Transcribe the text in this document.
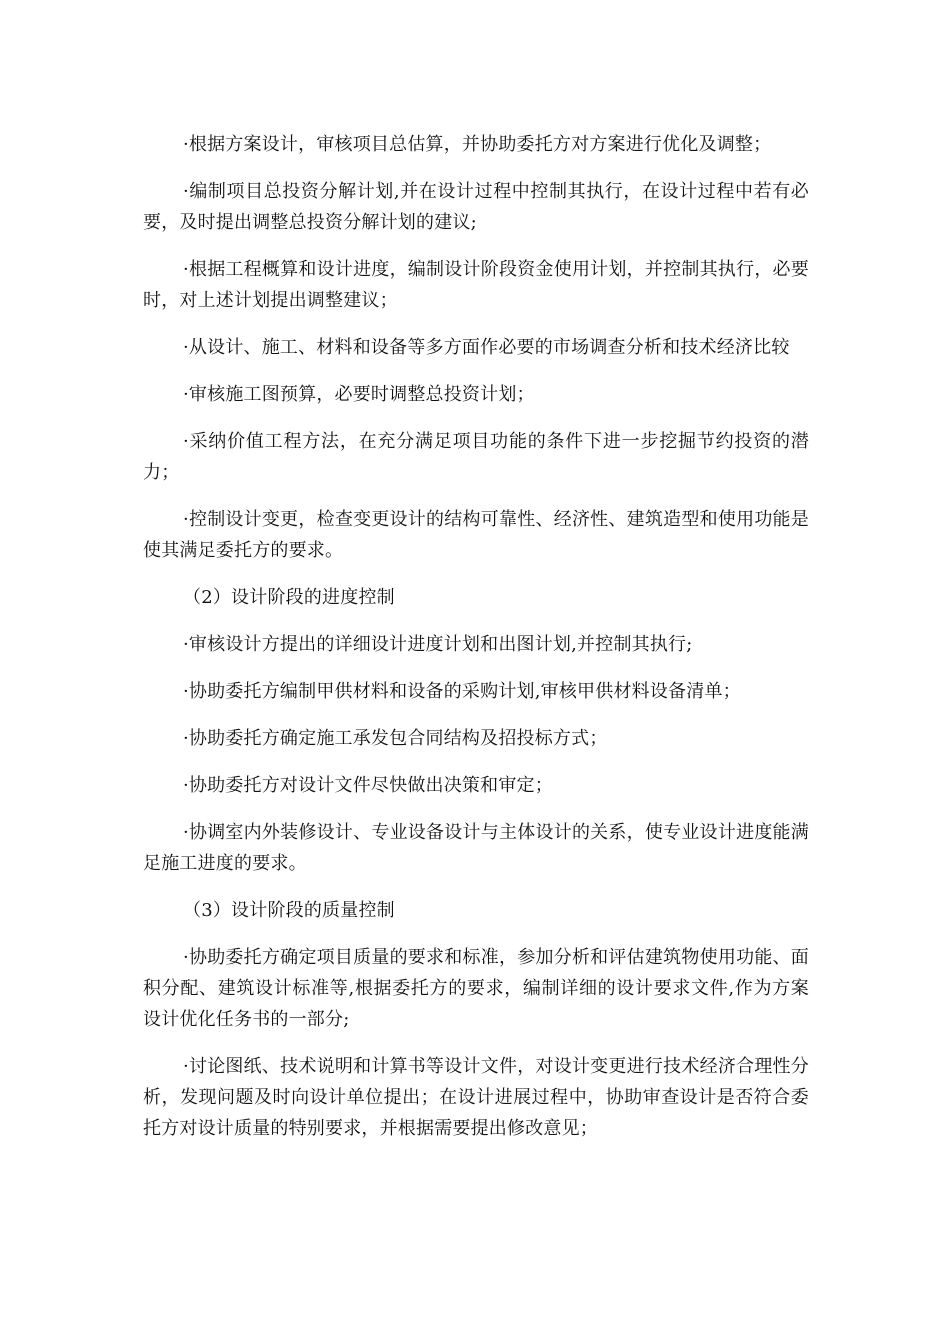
·根据方案设计，审核项目总估算，并协助委托方对方案进行优化及调整；

·编制项目总投资分解计划,并在设计过程中控制其执行，在设计过程中若有必要，及时提出调整总投资分解计划的建议;

·根据工程概算和设计进度，编制设计阶段资金使用计划，并控制其执行，必要时，对上述计划提出调整建议；

·从设计、施工、材料和设备等多方面作必要的市场调查分析和技术经济比较

·审核施工图预算，必要时调整总投资计划；

·采纳价值工程方法，在充分满足项目功能的条件下进一步挖掘节约投资的潜力；

·控制设计变更，检查变更设计的结构可靠性、经济性、建筑造型和使用功能是使其满足委托方的要求。

（2）设计阶段的进度控制

·审核设计方提出的详细设计进度计划和出图计划,并控制其执行;

·协助委托方编制甲供材料和设备的采购计划,审核甲供材料设备清单；

·协助委托方确定施工承发包合同结构及招投标方式；

·协助委托方对设计文件尽快做出决策和审定；

·协调室内外装修设计、专业设备设计与主体设计的关系，使专业设计进度能满足施工进度的要求。

（3）设计阶段的质量控制

·协助委托方确定项目质量的要求和标准，参加分析和评估建筑物使用功能、面积分配、建筑设计标准等,根据委托方的要求，编制详细的设计要求文件,作为方案设计优化任务书的一部分;

·讨论图纸、技术说明和计算书等设计文件，对设计变更进行技术经济合理性分析，发现问题及时向设计单位提出；在设计进展过程中，协助审查设计是否符合委托方对设计质量的特别要求，并根据需要提出修改意见；
